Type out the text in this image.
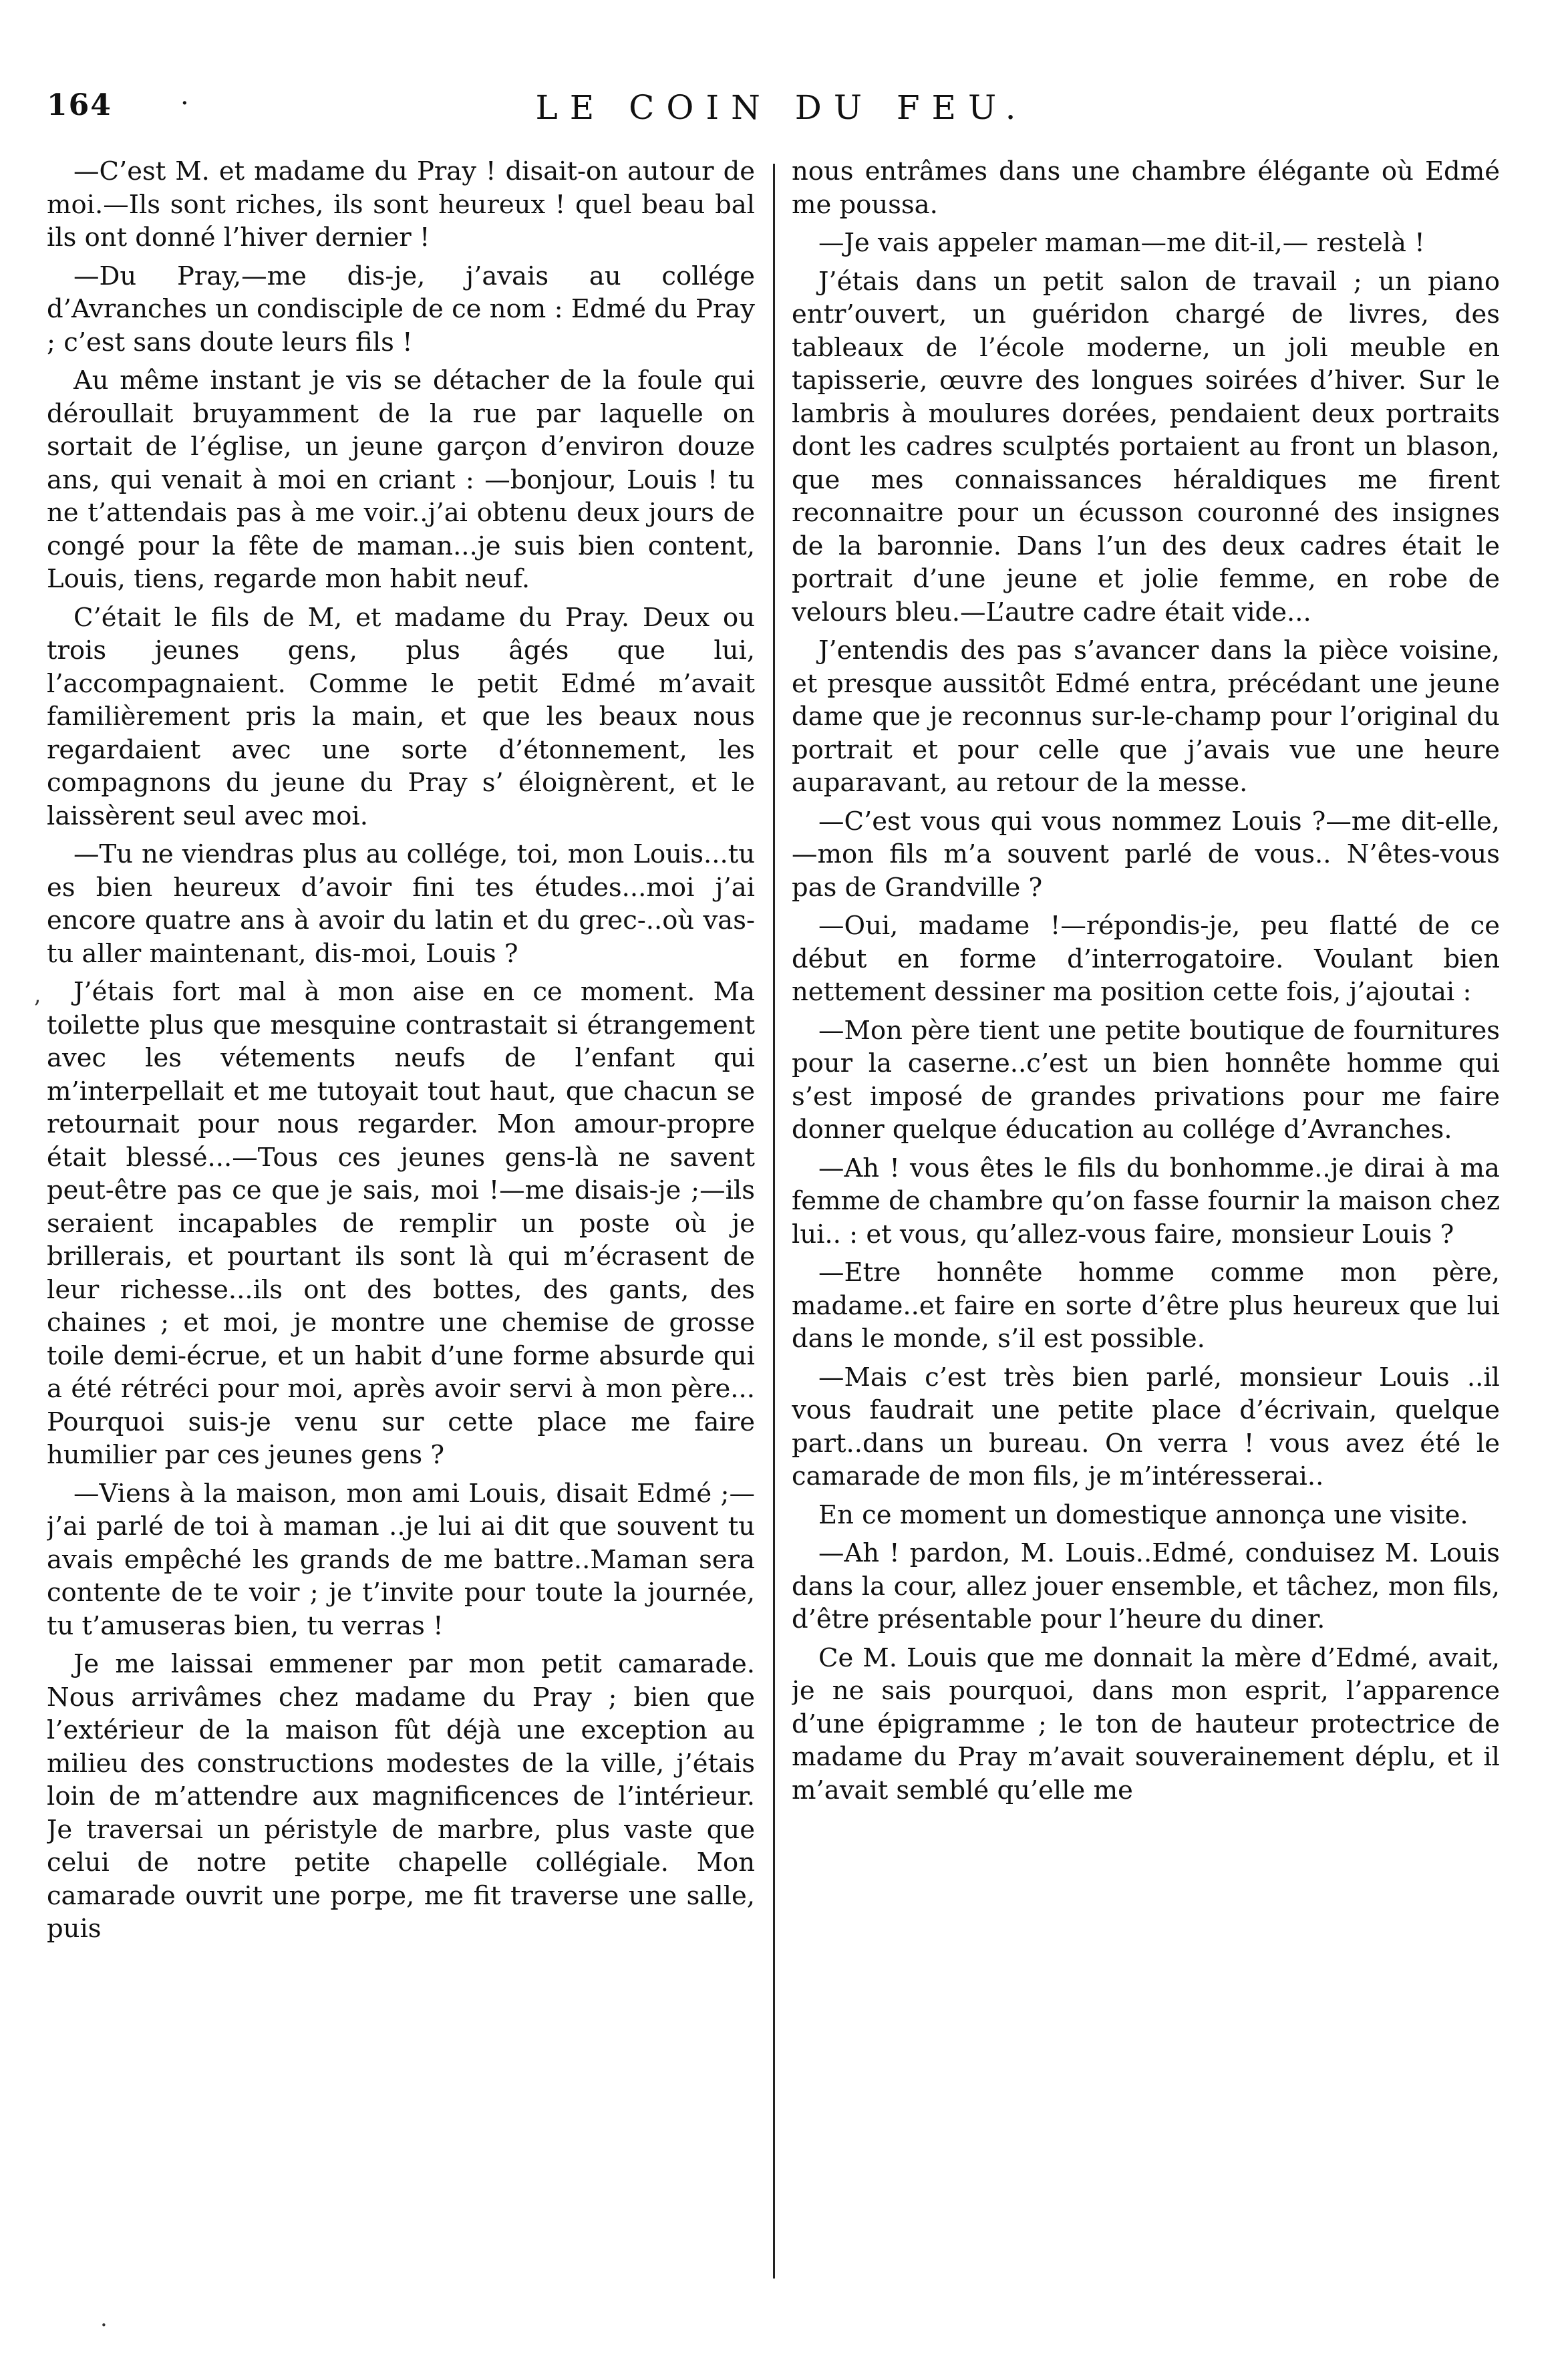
164	·	LE COIN DU FEU.

—C’est M. et madame du Pray ! disait-on autour de moi.—Ils sont riches, ils sont heureux ! quel beau bal ils ont donné l’hiver dernier !

—Du Pray,—me dis-je, j’avais au collége d’Avranches un condisciple de ce nom : Edmé du Pray ; c’est sans doute leurs fils !

Au même instant je vis se détacher de la foule qui déroullait bruyamment de la rue par laquelle on sortait de l’église, un jeune garçon d’environ douze ans, qui venait à moi en criant : —bonjour, Louis ! tu ne t’attendais pas à me voir..j’ai obtenu deux jours de congé pour la fête de maman...je suis bien content, Louis, tiens, regarde mon habit neuf.

C’était le fils de M, et madame du Pray. Deux ou trois jeunes gens, plus âgés que lui, l’accompagnaient. Comme le petit Edmé m’avait familièrement pris la main, et que les beaux nous regardaient avec une sorte d’étonnement, les compagnons du jeune du Pray s’ éloignèrent, et le laissèrent seul avec moi.

—Tu ne viendras plus au collége, toi, mon Louis...tu es bien heureux d’avoir fini tes études...moi j’ai encore quatre ans à avoir du latin et du grec-..où vas-tu aller maintenant, dis-moi, Louis ?

J’étais fort mal à mon aise en ce moment. Ma toilette plus que mesquine contrastait si étrangement avec les vétements neufs de l’enfant qui m’interpellait et me tutoyait tout haut, que chacun se retournait pour nous regarder. Mon amour-propre était blessé...—Tous ces jeunes gens-là ne savent peut-être pas ce que je sais, moi !—me disais-je ;—ils seraient incapables de remplir un poste où je brillerais, et pourtant ils sont là qui m’écrasent de leur richesse...ils ont des bottes, des gants, des chaines ; et moi, je montre une chemise de grosse toile demi-écrue, et un habit d’une forme absurde qui a été rétréci pour moi, après avoir servi à mon père... Pourquoi suis-je venu sur cette place me faire humilier par ces jeunes gens ?

—Viens à la maison, mon ami Louis, disait Edmé ;—j’ai parlé de toi à maman ..je lui ai dit que souvent tu avais empêché les grands de me battre..Maman sera contente de te voir ; je t’invite pour toute la journée, tu t’amuseras bien, tu verras !

Je me laissai emmener par mon petit camarade. Nous arrivâmes chez madame du Pray ; bien que l’extérieur de la maison fût déjà une exception au milieu des constructions modestes de la ville, j’étais loin de m’attendre aux magnificences de l’intérieur. Je traversai un péristyle de marbre, plus vaste que celui de notre petite chapelle collégiale. Mon camarade ouvrit une porpe, me fit traverse une salle, puis

nous entrâmes dans une chambre élégante où Edmé me poussa.

—Je vais appeler maman—me dit-il,— restelà !

J’étais dans un petit salon de travail ; un piano entr’ouvert, un guéridon chargé de livres, des tableaux de l’école moderne, un joli meuble en tapisserie, œuvre des longues soirées d’hiver. Sur le lambris à moulures dorées, pendaient deux portraits dont les cadres sculptés portaient au front un blason, que mes connaissances héraldiques me firent reconnaitre pour un écusson couronné des insignes de la baronnie. Dans l’un des deux cadres était le portrait d’une jeune et jolie femme, en robe de velours bleu.—L’autre cadre était vide...

J’entendis des pas s’avancer dans la pièce voisine, et presque aussitôt Edmé entra, précédant une jeune dame que je reconnus sur-le-champ pour l’original du portrait et pour celle que j’avais vue une heure auparavant, au retour de la messe.

—C’est vous qui vous nommez Louis ?—me dit-elle,—mon fils m’a souvent parlé de vous.. N’êtes-vous pas de Grandville ?

—Oui, madame !—répondis-je, peu flatté de ce début en forme d’interrogatoire. Voulant bien nettement dessiner ma position cette fois, j’ajoutai :

—Mon père tient une petite boutique de fournitures pour la caserne..c’est un bien honnête homme qui s’est imposé de grandes privations pour me faire donner quelque éducation au collége d’Avranches.

—Ah ! vous êtes le fils du bonhomme..je dirai à ma femme de chambre qu’on fasse fournir la maison chez lui.. : et vous, qu’allez-vous faire, monsieur Louis ?

—Etre honnête homme comme mon père, madame..et faire en sorte d’être plus heureux que lui dans le monde, s’il est possible.

—Mais c’est très bien parlé, monsieur Louis ..il vous faudrait une petite place d’écrivain, quelque part..dans un bureau. On verra ! vous avez été le camarade de mon fils, je m’intéresserai..

En ce moment un domestique annonça une visite.

—Ah ! pardon, M. Louis..Edmé, conduisez M. Louis dans la cour, allez jouer ensemble, et tâchez, mon fils, d’être présentable pour l’heure du diner.

Ce M. Louis que me donnait la mère d’Edmé, avait, je ne sais pourquoi, dans mon esprit, l’apparence d’une épigramme ; le ton de hauteur protectrice de madame du Pray m’avait souverainement déplu, et il m’avait semblé qu’elle me

’
·
